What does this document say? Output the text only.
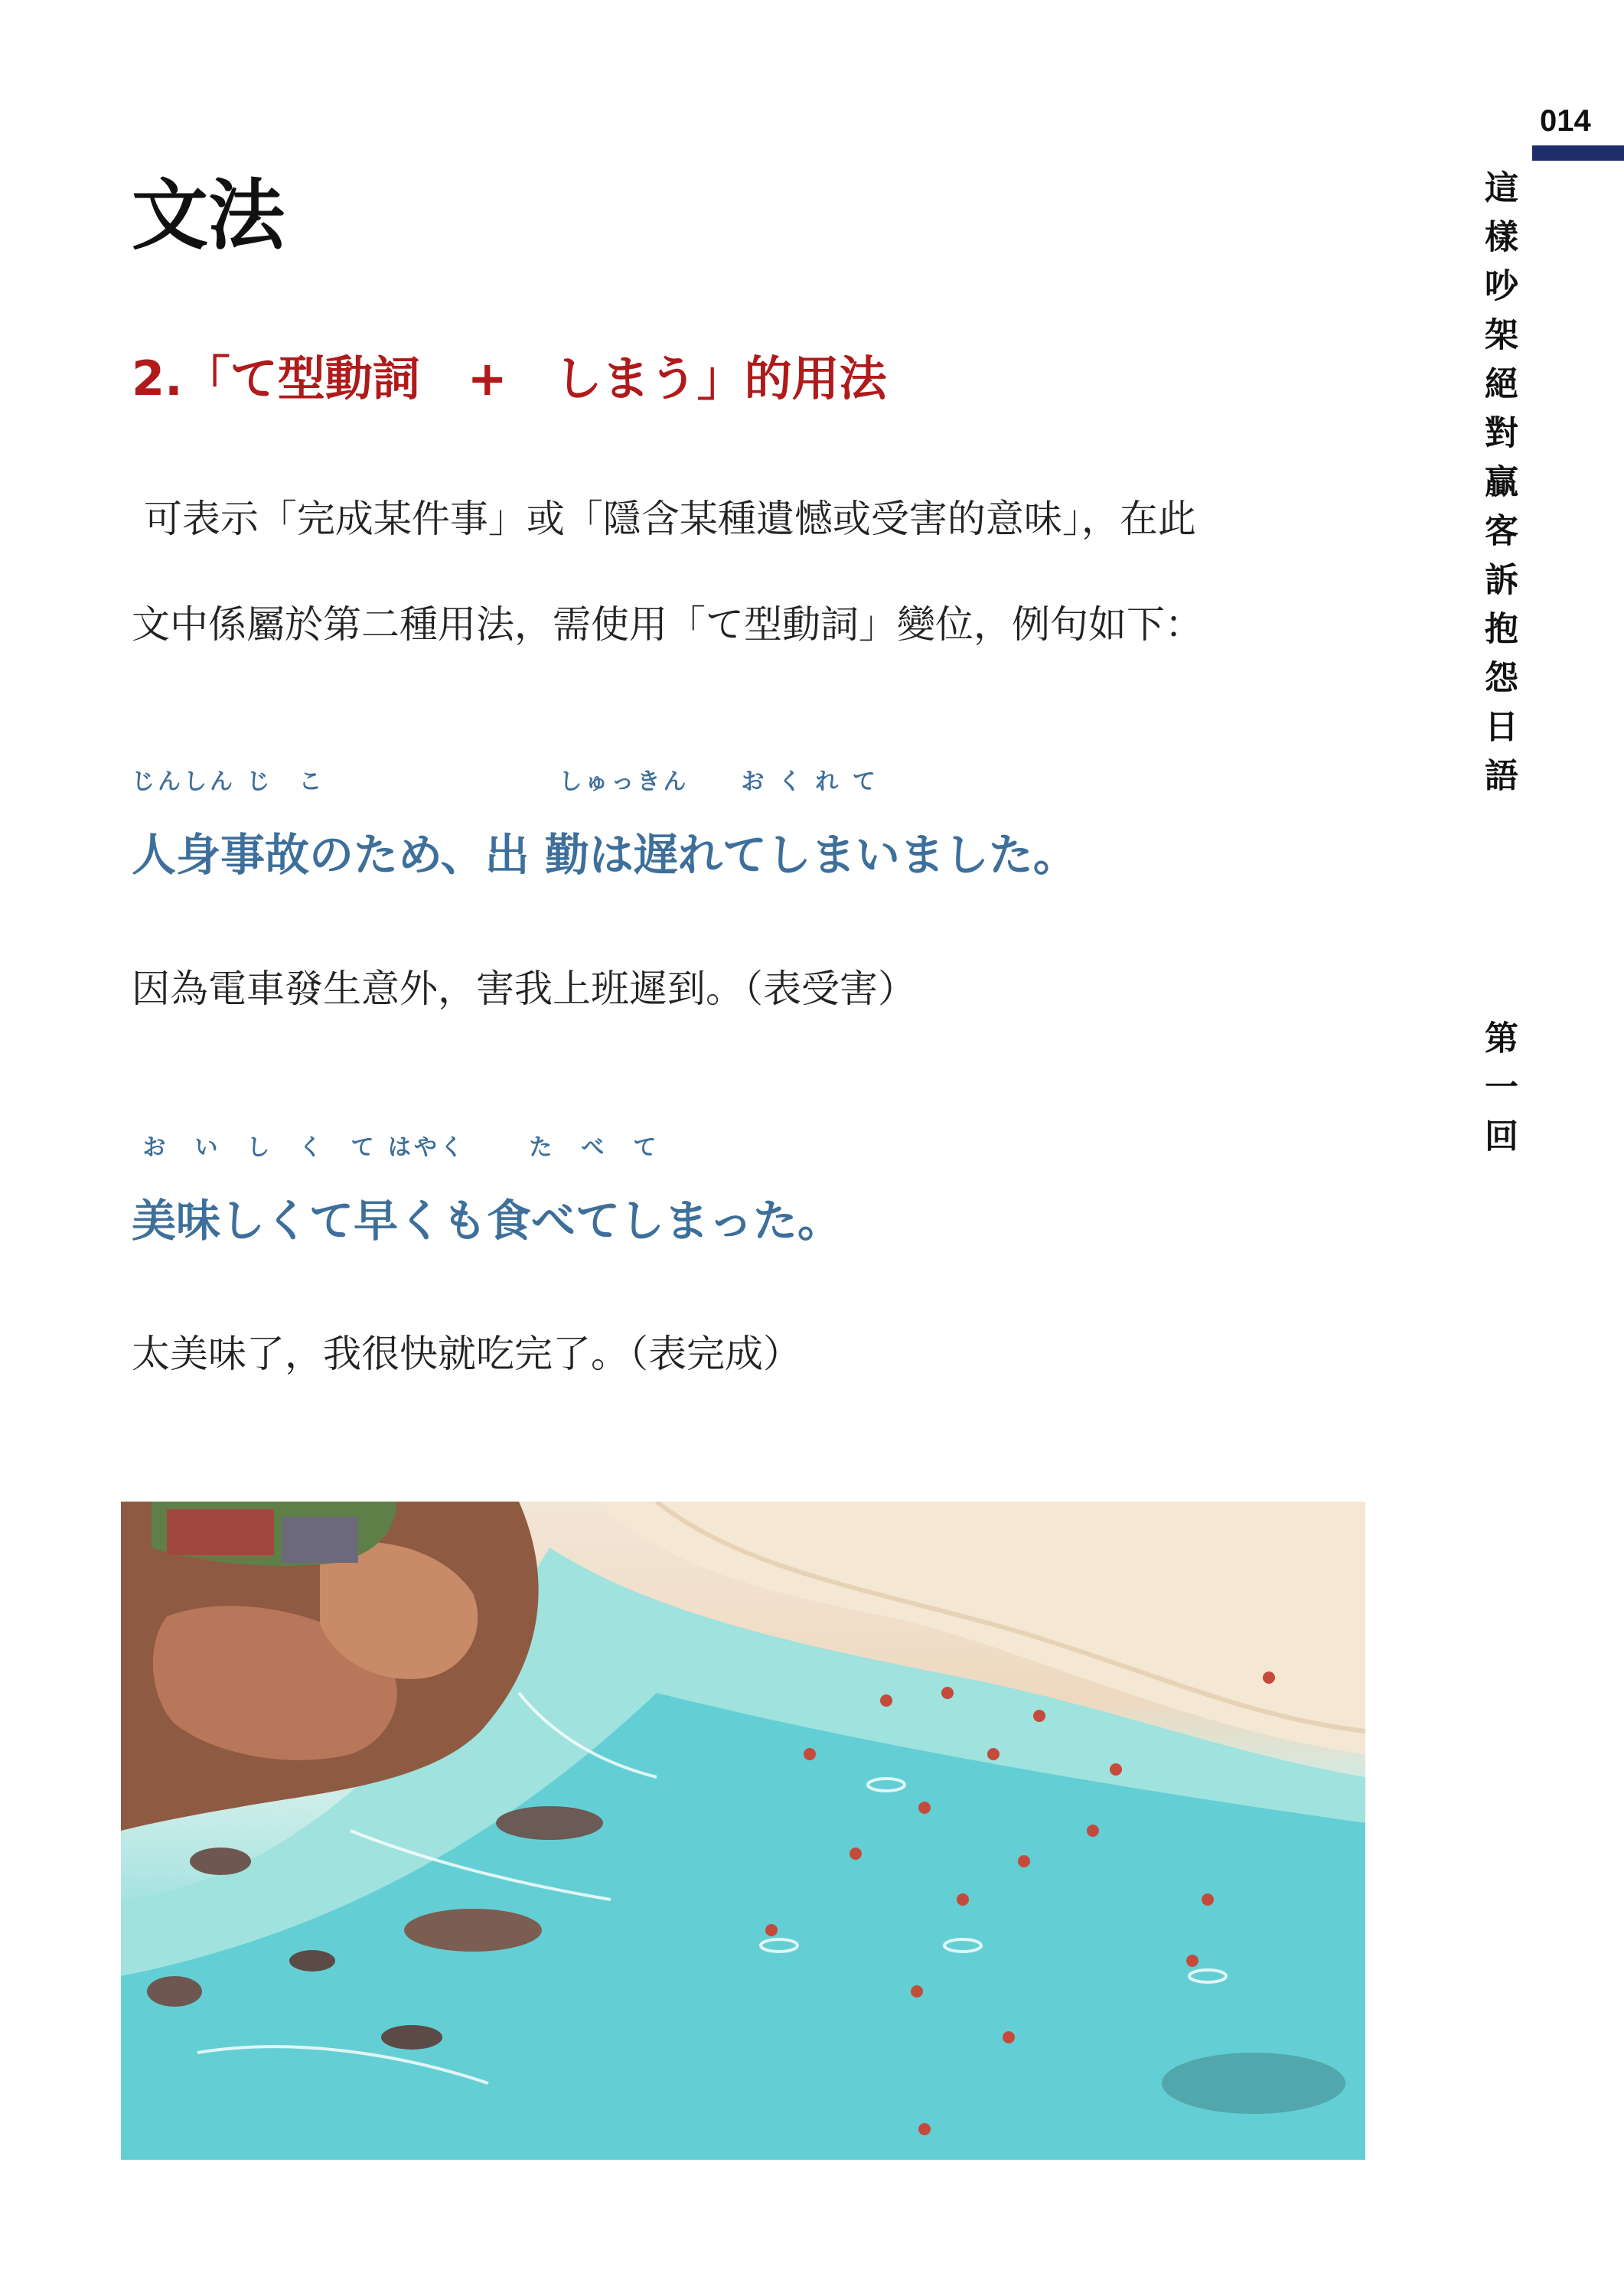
014
這樣吵架絕對贏客訴抱怨日語
第一回
文法
2.「て型動詞　+　しまう」的用法
可表示「完成某件事」或「隱含某種遺憾或受害的意味」，在此
文中係屬於第二種用法，需使用「て型動詞」變位，例句如下：
じんしん じ　こ　　　　　　　　　しゅっきん　　お く れ て
人身事故のため、出 勤は遅れてしまいました。
因為電車發生意外，害我上班遲到。（表受害）
お　い　し　く　て はやく　　 た　べ　て
美味しくて早くも食べてしまった。
太美味了，我很快就吃完了。（表完成）
